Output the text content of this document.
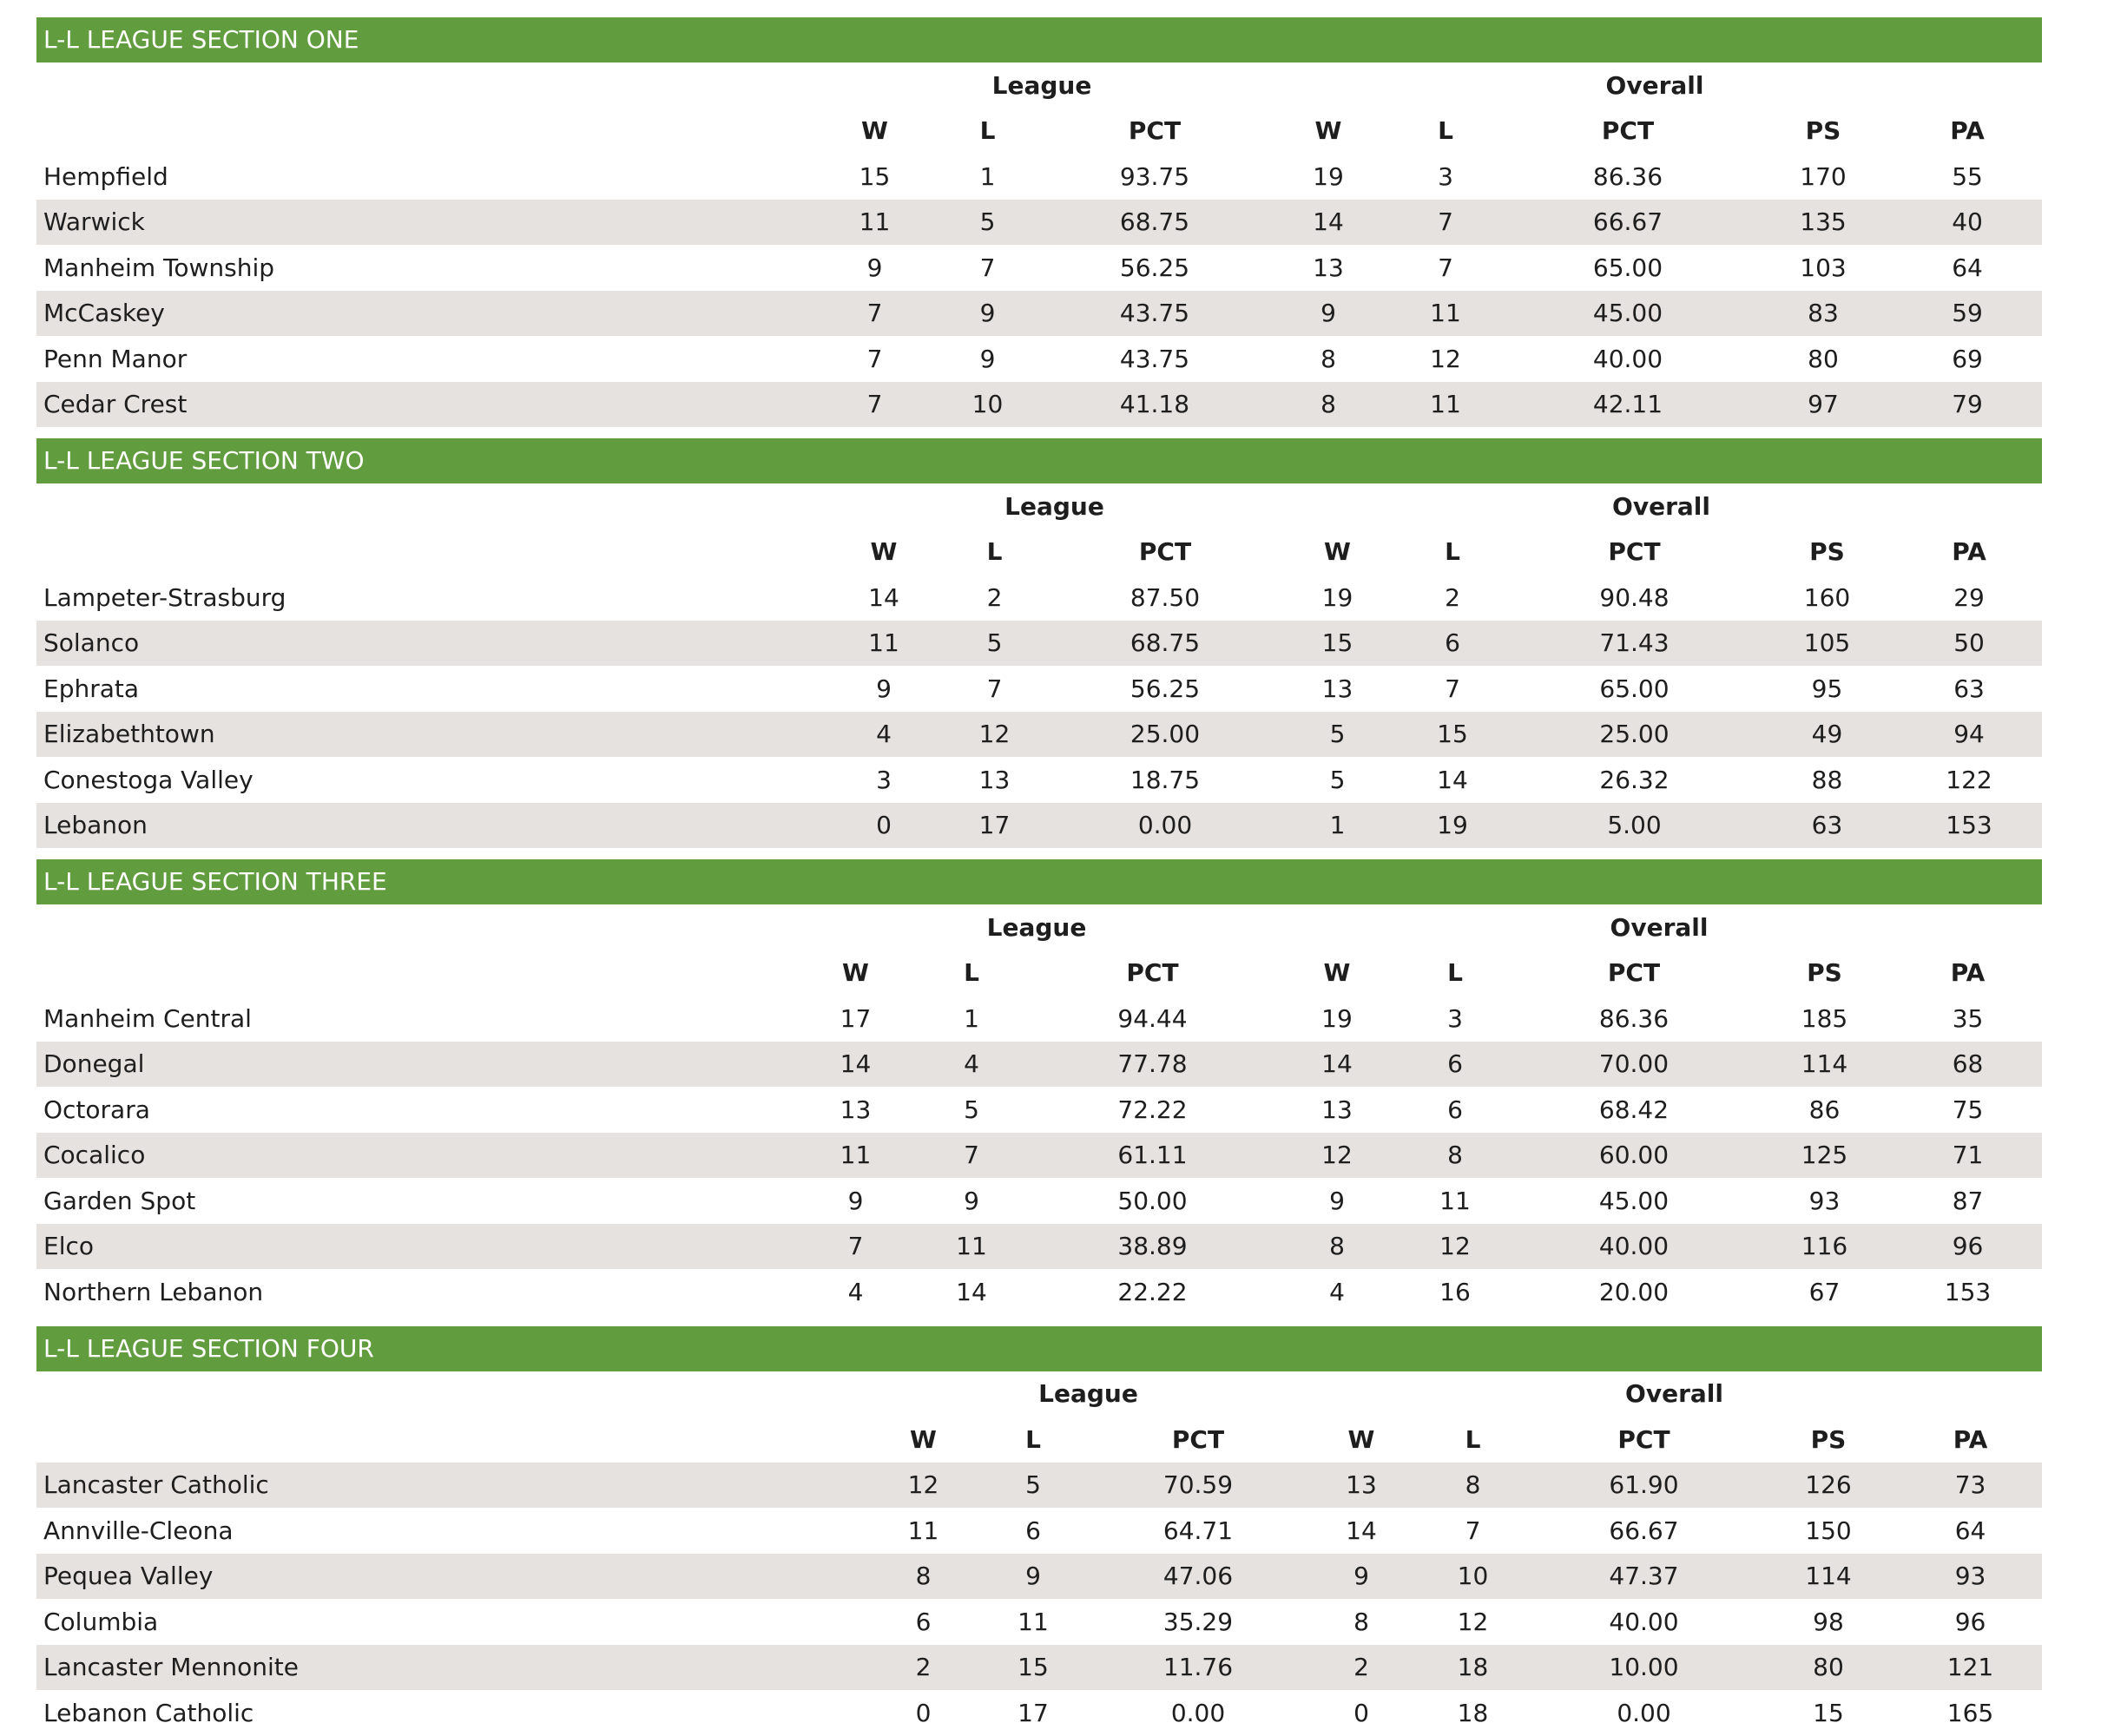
L-L LEAGUE SECTION ONE
	League			Overall				
	W	L	PCT	W	L	PCT	PS	PA
Hempfield	15	1	93.75	19	3	86.36	170	55
Warwick	11	5	68.75	14	7	66.67	135	40
Manheim Township	9	7	56.25	13	7	65.00	103	64
McCaskey	7	9	43.75	9	11	45.00	83	59
Penn Manor	7	9	43.75	8	12	40.00	80	69
Cedar Crest	7	10	41.18	8	11	42.11	97	79
L-L LEAGUE SECTION TWO
	League			Overall				
	W	L	PCT	W	L	PCT	PS	PA
Lampeter-Strasburg	14	2	87.50	19	2	90.48	160	29
Solanco	11	5	68.75	15	6	71.43	105	50
Ephrata	9	7	56.25	13	7	65.00	95	63
Elizabethtown	4	12	25.00	5	15	25.00	49	94
Conestoga Valley	3	13	18.75	5	14	26.32	88	122
Lebanon	0	17	0.00	1	19	5.00	63	153
L-L LEAGUE SECTION THREE
	League			Overall				
	W	L	PCT	W	L	PCT	PS	PA
Manheim Central	17	1	94.44	19	3	86.36	185	35
Donegal	14	4	77.78	14	6	70.00	114	68
Octorara	13	5	72.22	13	6	68.42	86	75
Cocalico	11	7	61.11	12	8	60.00	125	71
Garden Spot	9	9	50.00	9	11	45.00	93	87
Elco	7	11	38.89	8	12	40.00	116	96
Northern Lebanon	4	14	22.22	4	16	20.00	67	153
L-L LEAGUE SECTION FOUR
	League			Overall				
	W	L	PCT	W	L	PCT	PS	PA
Lancaster Catholic	12	5	70.59	13	8	61.90	126	73
Annville-Cleona	11	6	64.71	14	7	66.67	150	64
Pequea Valley	8	9	47.06	9	10	47.37	114	93
Columbia	6	11	35.29	8	12	40.00	98	96
Lancaster Mennonite	2	15	11.76	2	18	10.00	80	121
Lebanon Catholic	0	17	0.00	0	18	0.00	15	165
